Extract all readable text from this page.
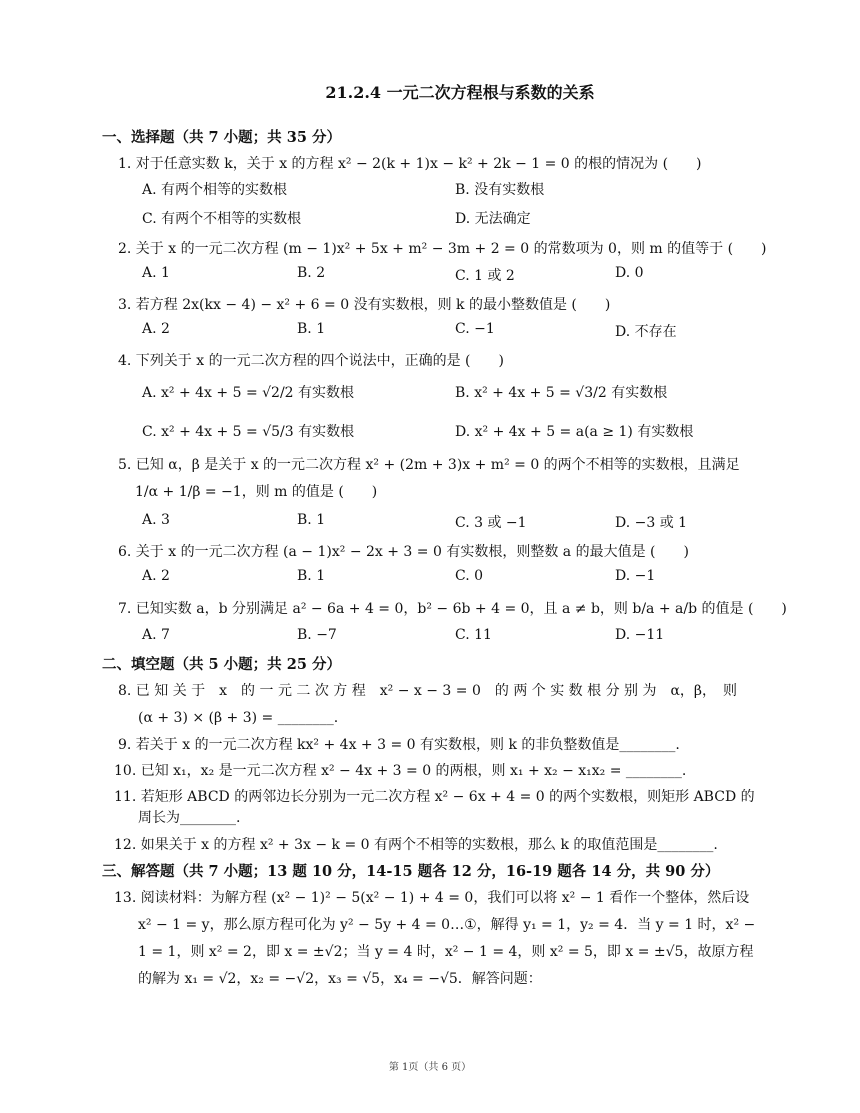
21.2.4 一元二次方程根与系数的关系
一、选择题（共 7 小题；共 35 分）
1. 对于任意实数 k，关于 x 的方程 x² − 2(k + 1)x − k² + 2k − 1 = 0 的根的情况为 (　　)
A. 有两个相等的实数根	B. 没有实数根
C. 有两个不相等的实数根	D. 无法确定
2. 关于 x 的一元二次方程 (m − 1)x² + 5x + m² − 3m + 2 = 0 的常数项为 0，则 m 的值等于 (　　)
A. 1	B. 2	C. 1 或 2	D. 0
3. 若方程 2x(kx − 4) − x² + 6 = 0 没有实数根，则 k 的最小整数值是 (　　)
A. 2	B. 1	C. −1	D. 不存在
4. 下列关于 x 的一元二次方程的四个说法中，正确的是 (　　)
A. x² + 4x + 5 = √2/2 有实数根	B. x² + 4x + 5 = √3/2 有实数根
C. x² + 4x + 5 = √5/3 有实数根	D. x² + 4x + 5 = a(a ≥ 1) 有实数根
5. 已知 α，β 是关于 x 的一元二次方程 x² + (2m + 3)x + m² = 0 的两个不相等的实数根，且满足
1/α + 1/β = −1，则 m 的值是 (　　)
A. 3	B. 1	C. 3 或 −1	D. −3 或 1
6. 关于 x 的一元二次方程 (a − 1)x² − 2x + 3 = 0 有实数根，则整数 a 的最大值是 (　　)
A. 2	B. 1	C. 0	D. −1
7. 已知实数 a，b 分别满足 a² − 6a + 4 = 0，b² − 6b + 4 = 0，且 a ≠ b，则 b/a + a/b 的值是 (　　)
A. 7	B. −7	C. 11	D. −11
二、填空题（共 5 小题；共 25 分）
8. 已 知 关 于　x　的 一 元 二 次 方 程　x² − x − 3 = 0　的 两 个 实 数 根 分 别 为　α，β，　则
(α + 3) × (β + 3) = ________.
9. 若关于 x 的一元二次方程 kx² + 4x + 3 = 0 有实数根，则 k 的非负整数值是________.
10. 已知 x₁，x₂ 是一元二次方程 x² − 4x + 3 = 0 的两根，则 x₁ + x₂ − x₁x₂ = ________.
11. 若矩形 ABCD 的两邻边长分别为一元二次方程 x² − 6x + 4 = 0 的两个实数根，则矩形 ABCD 的
周长为________.
12. 如果关于 x 的方程 x² + 3x − k = 0 有两个不相等的实数根，那么 k 的取值范围是________.
三、解答题（共 7 小题；13 题 10 分，14-15 题各 12 分，16-19 题各 14 分，共 90 分）
13. 阅读材料：为解方程 (x² − 1)² − 5(x² − 1) + 4 = 0，我们可以将 x² − 1 看作一个整体，然后设
x² − 1 = y，那么原方程可化为 y² − 5y + 4 = 0…①，解得 y₁ = 1，y₂ = 4．当 y = 1 时，x² −
1 = 1，则 x² = 2，即 x = ±√2；当 y = 4 时，x² − 1 = 4，则 x² = 5，即 x = ±√5，故原方程
的解为 x₁ = √2，x₂ = −√2，x₃ = √5，x₄ = −√5．解答问题：
第 1页（共 6 页）
